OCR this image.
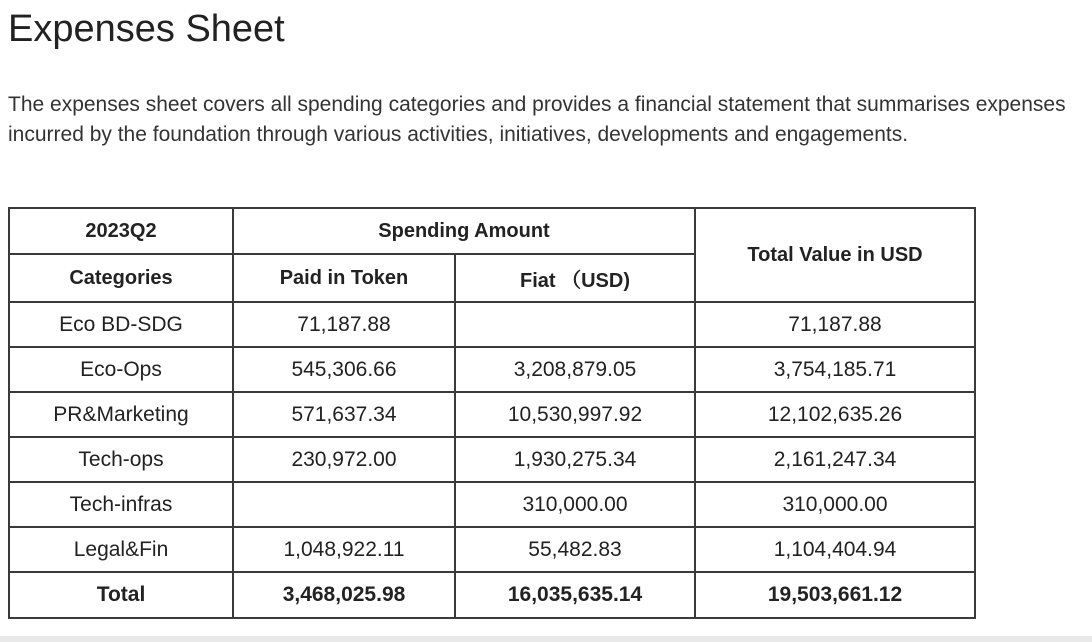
Expenses Sheet

The expenses sheet covers all spending categories and provides a financial statement that summarises expenses incurred by the foundation through various activities, initiatives, developments and engagements.

2023Q2	Spending Amount		Total Value in USD
Categories	Paid in Token	Fiat （USD)	
Eco BD-SDG	71,187.88		71,187.88
Eco-Ops	545,306.66	3,208,879.05	3,754,185.71
PR&Marketing	571,637.34	10,530,997.92	12,102,635.26
Tech-ops	230,972.00	1,930,275.34	2,161,247.34
Tech-infras		310,000.00	310,000.00
Legal&Fin	1,048,922.11	55,482.83	1,104,404.94
Total	3,468,025.98	16,035,635.14	19,503,661.12
